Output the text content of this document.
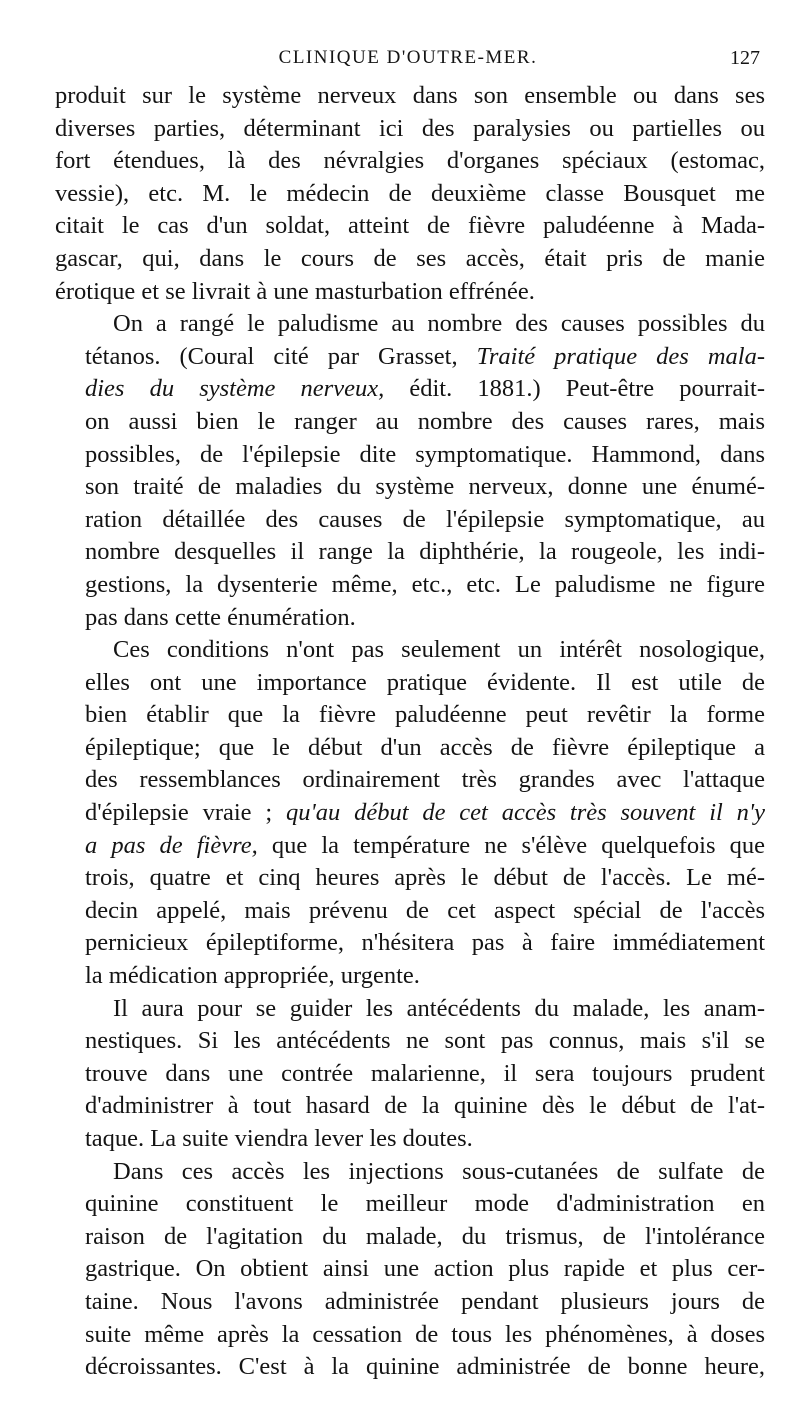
CLINIQUE D'OUTRE-MER.	127
produit sur le système nerveux dans son ensemble ou dans ses
diverses parties, déterminant ici des paralysies ou partielles ou
fort étendues, là des névralgies d'organes spéciaux (estomac,
vessie), etc. M. le médecin de deuxième classe Bousquet me
citait le cas d'un soldat, atteint de fièvre paludéenne à Mada-
gascar, qui, dans le cours de ses accès, était pris de manie
érotique et se livrait à une masturbation effrénée.
On a rangé le paludisme au nombre des causes possibles du
tétanos. (Coural cité par Grasset, Traité pratique des mala-
dies du système nerveux, édit. 1881.) Peut-être pourrait-
on aussi bien le ranger au nombre des causes rares, mais
possibles, de l'épilepsie dite symptomatique. Hammond, dans
son traité de maladies du système nerveux, donne une énumé-
ration détaillée des causes de l'épilepsie symptomatique, au
nombre desquelles il range la diphthérie, la rougeole, les indi-
gestions, la dysenterie même, etc., etc. Le paludisme ne figure
pas dans cette énumération.
Ces conditions n'ont pas seulement un intérêt nosologique,
elles ont une importance pratique évidente. Il est utile de
bien établir que la fièvre paludéenne peut revêtir la forme
épileptique; que le début d'un accès de fièvre épileptique a
des ressemblances ordinairement très grandes avec l'attaque
d'épilepsie vraie ; qu'au début de cet accès très souvent il n'y
a pas de fièvre, que la température ne s'élève quelquefois que
trois, quatre et cinq heures après le début de l'accès. Le mé-
decin appelé, mais prévenu de cet aspect spécial de l'accès
pernicieux épileptiforme, n'hésitera pas à faire immédiatement
la médication appropriée, urgente.
Il aura pour se guider les antécédents du malade, les anam-
nestiques. Si les antécédents ne sont pas connus, mais s'il se
trouve dans une contrée malarienne, il sera toujours prudent
d'administrer à tout hasard de la quinine dès le début de l'at-
taque. La suite viendra lever les doutes.
Dans ces accès les injections sous-cutanées de sulfate de
quinine constituent le meilleur mode d'administration en
raison de l'agitation du malade, du trismus, de l'intolérance
gastrique. On obtient ainsi une action plus rapide et plus cer-
taine. Nous l'avons administrée pendant plusieurs jours de
suite même après la cessation de tous les phénomènes, à doses
décroissantes. C'est à la quinine administrée de bonne heure,
